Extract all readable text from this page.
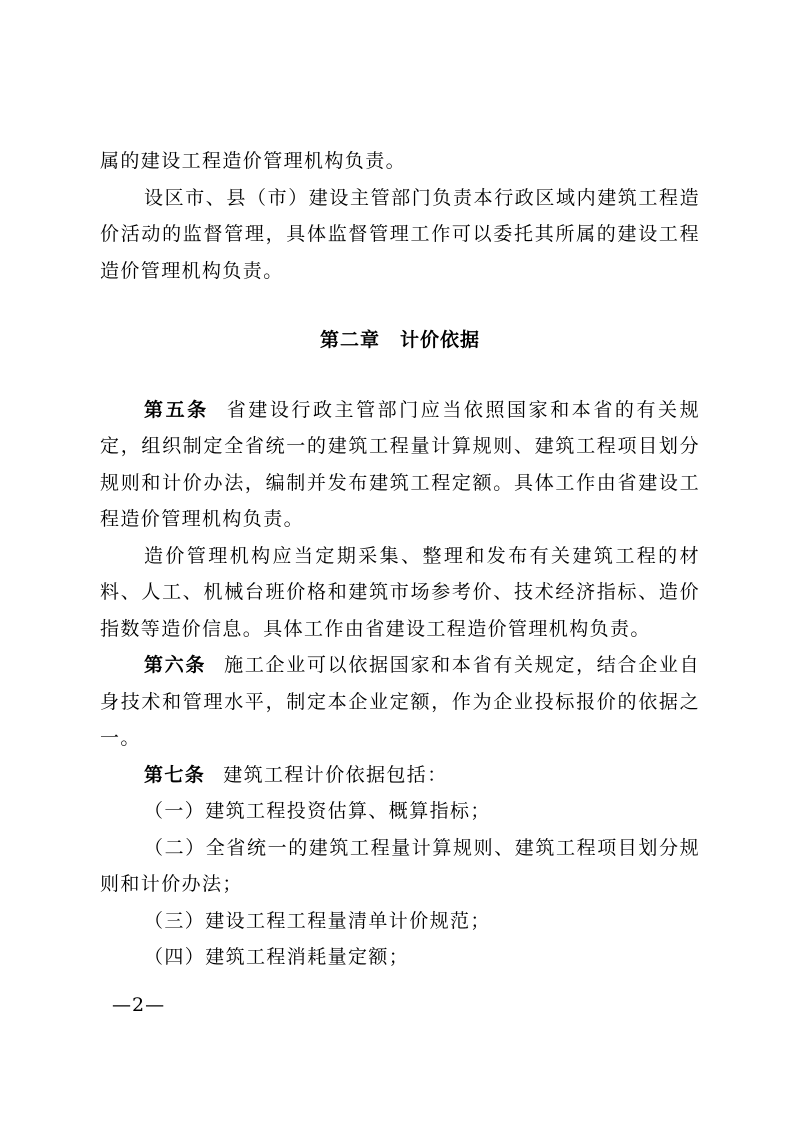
属的建设工程造价管理机构负责。

设区市、县（市）建设主管部门负责本行政区域内建筑工程造价活动的监督管理，具体监督管理工作可以委托其所属的建设工程造价管理机构负责。

第二章　计价依据

第五条 省建设行政主管部门应当依照国家和本省的有关规定，组织制定全省统一的建筑工程量计算规则、建筑工程项目划分规则和计价办法，编制并发布建筑工程定额。具体工作由省建设工程造价管理机构负责。

造价管理机构应当定期采集、整理和发布有关建筑工程的材料、人工、机械台班价格和建筑市场参考价、技术经济指标、造价指数等造价信息。具体工作由省建设工程造价管理机构负责。

第六条 施工企业可以依据国家和本省有关规定，结合企业自身技术和管理水平，制定本企业定额，作为企业投标报价的依据之一。

第七条 建筑工程计价依据包括：

（一）建筑工程投资估算、概算指标；

（二）全省统一的建筑工程量计算规则、建筑工程项目划分规则和计价办法；

（三）建设工程工程量清单计价规范；

（四）建筑工程消耗量定额；

—2—
